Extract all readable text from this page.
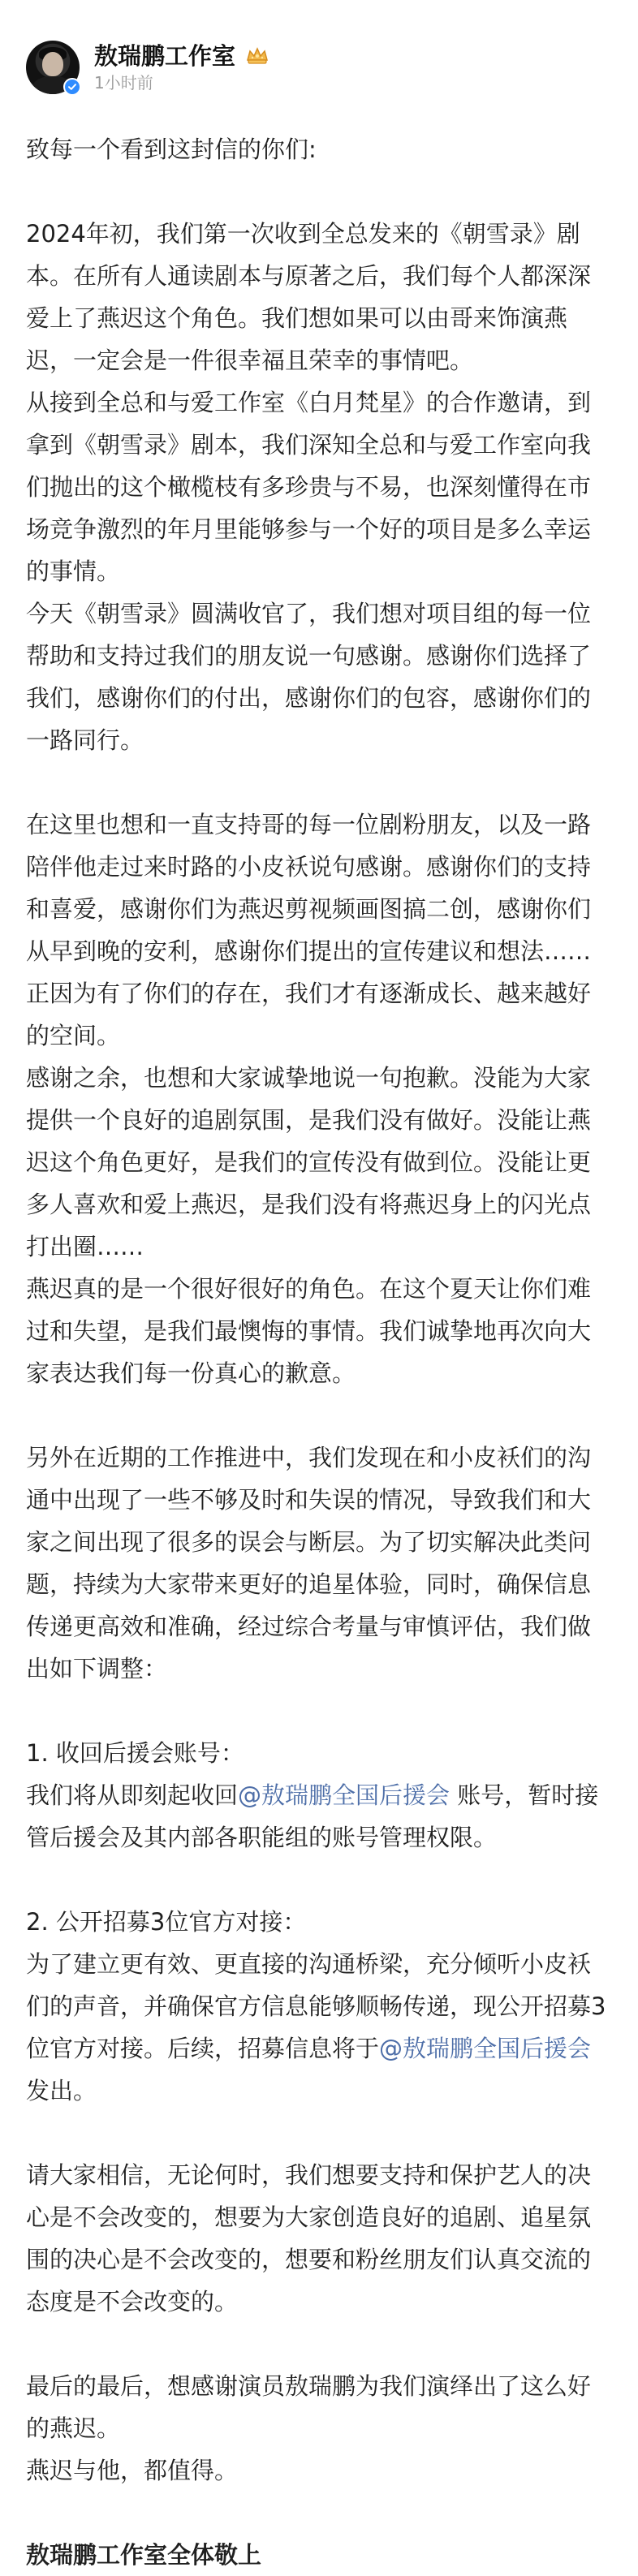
敖瑞鹏工作室
1小时前

致每一个看到这封信的你们:

2024年初，我们第一次收到全总发来的《朝雪录》剧本。在所有人通读剧本与原著之后，我们每个人都深深爱上了燕迟这个角色。我们想如果可以由哥来饰演燕迟，一定会是一件很幸福且荣幸的事情吧。

从接到全总和与爱工作室《白月梵星》的合作邀请，到拿到《朝雪录》剧本，我们深知全总和与爱工作室向我们抛出的这个橄榄枝有多珍贵与不易，也深刻懂得在市场竞争激烈的年月里能够参与一个好的项目是多么幸运的事情。

今天《朝雪录》圆满收官了，我们想对项目组的每一位帮助和支持过我们的朋友说一句感谢。感谢你们选择了我们，感谢你们的付出，感谢你们的包容，感谢你们的一路同行。

在这里也想和一直支持哥的每一位剧粉朋友，以及一路陪伴他走过来时路的小皮袄说句感谢。感谢你们的支持和喜爱，感谢你们为燕迟剪视频画图搞二创，感谢你们从早到晚的安利，感谢你们提出的宣传建议和想法……正因为有了你们的存在，我们才有逐渐成长、越来越好的空间。

感谢之余，也想和大家诚挚地说一句抱歉。没能为大家提供一个良好的追剧氛围，是我们没有做好。没能让燕迟这个角色更好，是我们的宣传没有做到位。没能让更多人喜欢和爱上燕迟，是我们没有将燕迟身上的闪光点打出圈……

燕迟真的是一个很好很好的角色。在这个夏天让你们难过和失望，是我们最懊悔的事情。我们诚挚地再次向大家表达我们每一份真心的歉意。

另外在近期的工作推进中，我们发现在和小皮袄们的沟通中出现了一些不够及时和失误的情况，导致我们和大家之间出现了很多的误会与断层。为了切实解决此类问题，持续为大家带来更好的追星体验，同时，确保信息传递更高效和准确，经过综合考量与审慎评估，我们做出如下调整：

1. 收回后援会账号：

我们将从即刻起收回@敖瑞鹏全国后援会 账号，暂时接管后援会及其内部各职能组的账号管理权限。

2. 公开招募3位官方对接：

为了建立更有效、更直接的沟通桥梁，充分倾听小皮袄们的声音，并确保官方信息能够顺畅传递，现公开招募3位官方对接。后续，招募信息将于@敖瑞鹏全国后援会 发出。

请大家相信，无论何时，我们想要支持和保护艺人的决心是不会改变的，想要为大家创造良好的追剧、追星氛围的决心是不会改变的，想要和粉丝朋友们认真交流的态度是不会改变的。

最后的最后，想感谢演员敖瑞鹏为我们演绎出了这么好的燕迟。

燕迟与他，都值得。

敖瑞鹏工作室全体敬上
